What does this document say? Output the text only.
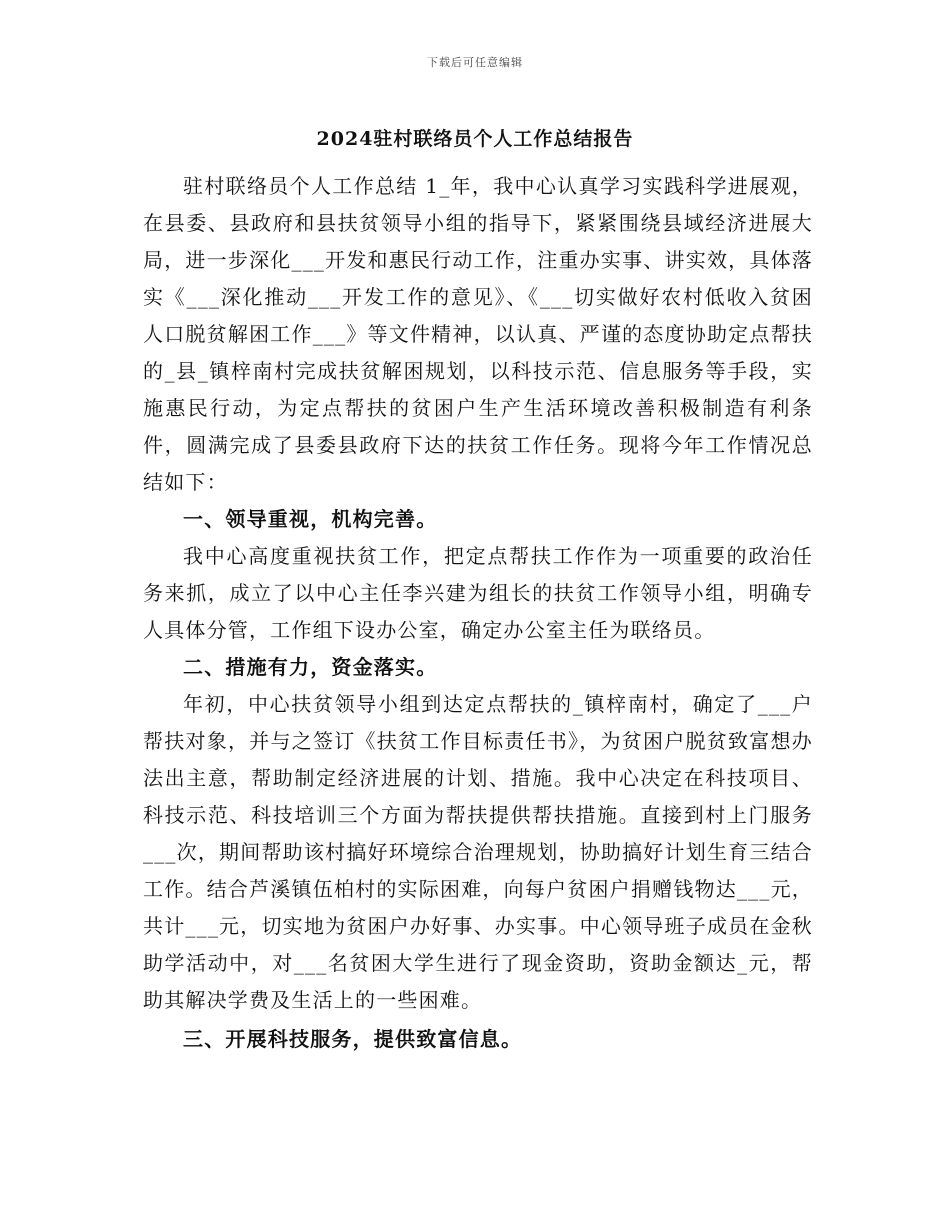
下载后可任意编辑
2024驻村联络员个人工作总结报告

驻村联络员个人工作总结 1_年，我中心认真学习实践科学进展观，在县委、县政府和县扶贫领导小组的指导下，紧紧围绕县域经济进展大局，进一步深化___开发和惠民行动工作，注重办实事、讲实效，具体落实《___深化推动___开发工作的意见》、《___切实做好农村低收入贫困人口脱贫解困工作___》等文件精神，以认真、严谨的态度协助定点帮扶的_县_镇梓南村完成扶贫解困规划，以科技示范、信息服务等手段，实施惠民行动，为定点帮扶的贫困户生产生活环境改善积极制造有利条件，圆满完成了县委县政府下达的扶贫工作任务。现将今年工作情况总结如下：

一、领导重视，机构完善。

我中心高度重视扶贫工作，把定点帮扶工作作为一项重要的政治任务来抓，成立了以中心主任李兴建为组长的扶贫工作领导小组，明确专人具体分管，工作组下设办公室，确定办公室主任为联络员。

二、措施有力，资金落实。

年初，中心扶贫领导小组到达定点帮扶的_镇梓南村，确定了___户帮扶对象，并与之签订《扶贫工作目标责任书》，为贫困户脱贫致富想办法出主意，帮助制定经济进展的计划、措施。我中心决定在科技项目、科技示范、科技培训三个方面为帮扶提供帮扶措施。直接到村上门服务___次，期间帮助该村搞好环境综合治理规划，协助搞好计划生育三结合工作。结合芦溪镇伍柏村的实际困难，向每户贫困户捐赠钱物达___元，共计___元，切实地为贫困户办好事、办实事。中心领导班子成员在金秋助学活动中，对___名贫困大学生进行了现金资助，资助金额达_元，帮助其解决学费及生活上的一些困难。

三、开展科技服务，提供致富信息。
